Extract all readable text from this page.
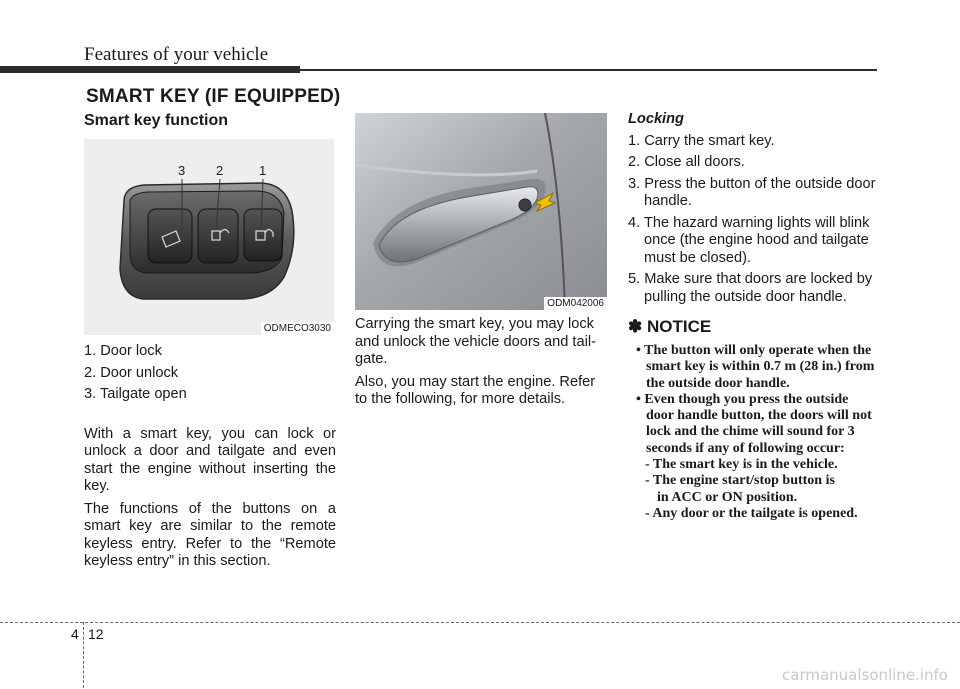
Features of your vehicle
SMART KEY (IF EQUIPPED)
Smart key function
3 2	1
ODMECO3030
1. Door lock
2. Door unlock
3. Tailgate open

With a smart key, you can lock or unlock a door and tailgate and even start the engine without inserting the key.

The functions of the buttons on a smart key are similar to the remote keyless entry. Refer to the “Remote keyless entry” in this section.

ODM042006

Carrying the smart key, you may lock and unlock the vehicle doors and tail- gate.

Also, you may start the engine. Refer to the following, for more details.

Locking
1. Carry the smart key.
2. Close all doors.
3. Press the button of the outside door handle.
4. The hazard warning lights will blink once (the engine hood and tailgate must be closed).
5. Make sure that doors are locked by pulling the outside door handle.
✽ NOTICE
• The button will only operate when the smart key is within 0.7 m (28 in.) from the outside door handle.
• Even though you press the outside door handle button, the doors will not lock and the chime will sound for 3 seconds if any of following occur:
- The smart key is in the vehicle.
- The engine start/stop button is
in ACC or ON position.
- Any door or the tailgate is opened.
4 12
carmanualsonline.info
